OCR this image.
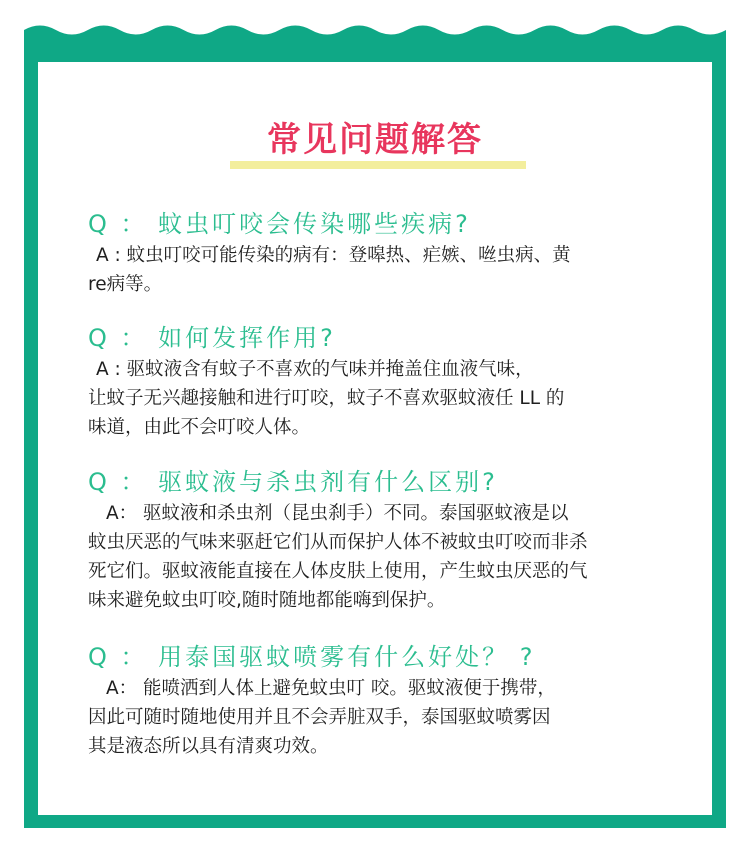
常见问题解答
Q ： 蚊虫叮咬会传染哪些疾病?
A : 蚊虫叮咬可能传染的病有：登嗥热、疟嫉、咝虫病、黄
re病等。
Q ： 如何发挥作用?
A : 驱蚊液含有蚊子不喜欢的气味并掩盖住血液气味，
让蚊子无兴趣接触和进行叮咬，蚊子不喜欢驱蚊液任 LL 的
味道，由此不会叮咬人体。
Q ： 驱蚊液与杀虫剂有什么区别?
A： 驱蚊液和杀虫剂（昆虫刹手）不同。泰国驱蚊液是以
蚊虫厌恶的气味来驱赶它们从而保护人体不被蚊虫叮咬而非杀
死它们。驱蚊液能直接在人体皮肤上使用，产生蚊虫厌恶的气
味来避免蚊虫叮咬,随时随地都能嗨到保护。
Q ： 用泰国驱蚊喷雾有什么好处？ ?
A： 能喷洒到人体上避免蚊虫叮 咬。驱蚊液便于携带，
因此可随时随地使用并且不会弄脏双手，泰国驱蚊喷雾因
其是液态所以具有清爽功效。
